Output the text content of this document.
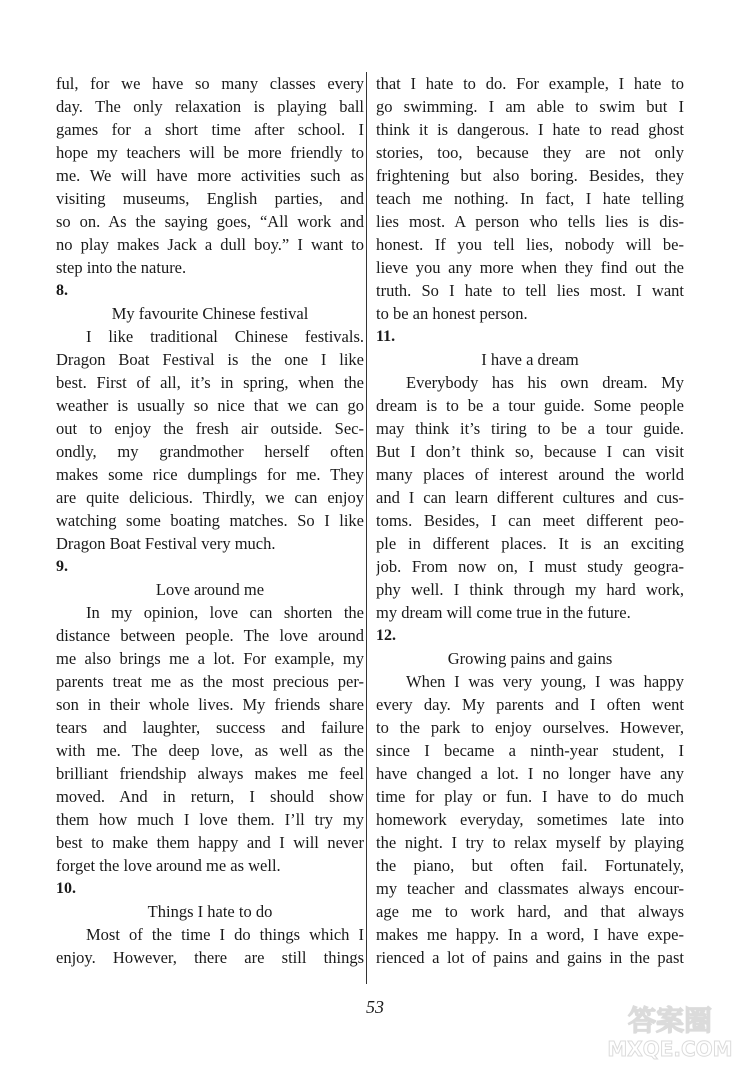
ful, for we have so many classes every
day. The only relaxation is playing ball
games for a short time after school. I
hope my teachers will be more friendly to
me. We will have more activities such as
visiting museums, English parties, and
so on. As the saying goes, “All work and
no play makes Jack a dull boy.” I want to
step into the nature.
8.
My favourite Chinese festival
I like traditional Chinese festivals.
Dragon Boat Festival is the one I like
best. First of all, it’s in spring, when the
weather is usually so nice that we can go
out to enjoy the fresh air outside. Sec-
ondly, my grandmother herself often
makes some rice dumplings for me. They
are quite delicious. Thirdly, we can enjoy
watching some boating matches. So I like
Dragon Boat Festival very much.
9.
Love around me
In my opinion, love can shorten the
distance between people. The love around
me also brings me a lot. For example, my
parents treat me as the most precious per-
son in their whole lives. My friends share
tears and laughter, success and failure
with me. The deep love, as well as the
brilliant friendship always makes me feel
moved. And in return, I should show
them how much I love them. I’ll try my
best to make them happy and I will never
forget the love around me as well.
10.
Things I hate to do
Most of the time I do things which I
enjoy. However, there are still things
that I hate to do. For example, I hate to
go swimming. I am able to swim but I
think it is dangerous. I hate to read ghost
stories, too, because they are not only
frightening but also boring. Besides, they
teach me nothing. In fact, I hate telling
lies most. A person who tells lies is dis-
honest. If you tell lies, nobody will be-
lieve you any more when they find out the
truth. So I hate to tell lies most. I want
to be an honest person.
11.
I have a dream
Everybody has his own dream. My
dream is to be a tour guide. Some people
may think it’s tiring to be a tour guide.
But I don’t think so, because I can visit
many places of interest around the world
and I can learn different cultures and cus-
toms. Besides, I can meet different peo-
ple in different places. It is an exciting
job. From now on, I must study geogra-
phy well. I think through my hard work,
my dream will come true in the future.
12.
Growing pains and gains
When I was very young, I was happy
every day. My parents and I often went
to the park to enjoy ourselves. However,
since I became a ninth-year student, I
have changed a lot. I no longer have any
time for play or fun. I have to do much
homework everyday, sometimes late into
the night. I try to relax myself by playing
the piano, but often fail. Fortunately,
my teacher and classmates always encour-
age me to work hard, and that always
makes me happy. In a word, I have expe-
rienced a lot of pains and gains in the past
53	答案圈
MXQE.COM
